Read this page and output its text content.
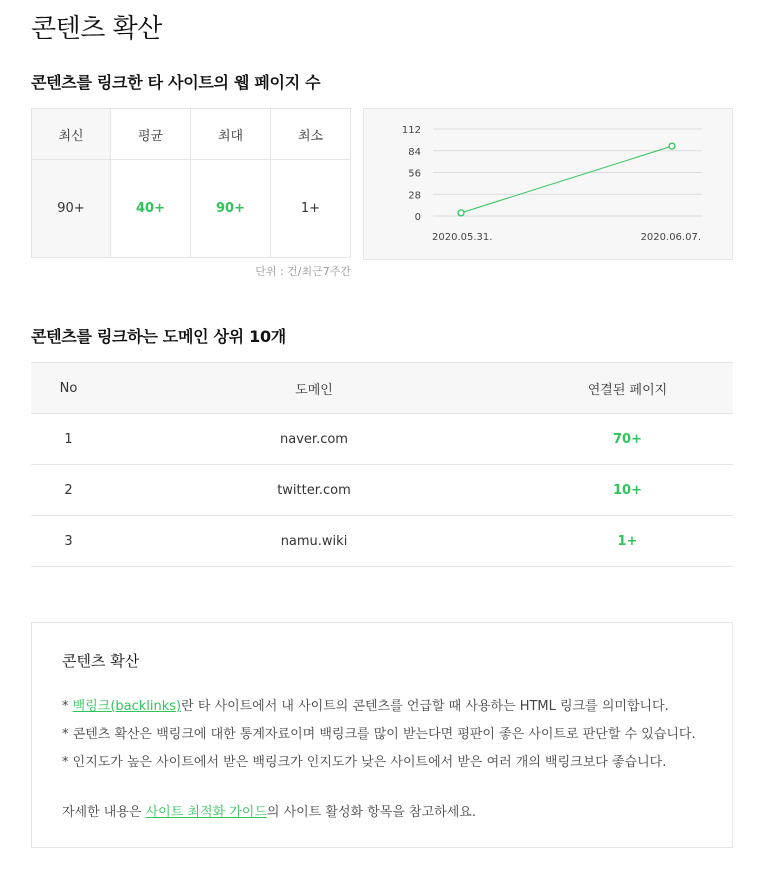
콘텐츠 확산
콘텐츠를 링크한 타 사이트의 웹 페이지 수
최신	평균	최대	최소
90+	40+	90+	1+
단위 : 건/최근7주간
0
28
56
84
112
2020.05.31.	2020.06.07.
콘텐츠를 링크하는 도메인 상위 10개
No	도메인	연결된 페이지
1	naver.com	70+
2	twitter.com	10+
3	namu.wiki	1+
콘텐츠 확산
* 백링크(backlinks)란 타 사이트에서 내 사이트의 콘텐츠를 언급할 때 사용하는 HTML 링크를 의미합니다.
* 콘텐츠 확산은 백링크에 대한 통계자료이며 백링크를 많이 받는다면 평판이 좋은 사이트로 판단할 수 있습니다.
* 인지도가 높은 사이트에서 받은 백링크가 인지도가 낮은 사이트에서 받은 여러 개의 백링크보다 좋습니다.
자세한 내용은 사이트 최적화 가이드의 사이트 활성화 항목을 참고하세요.
